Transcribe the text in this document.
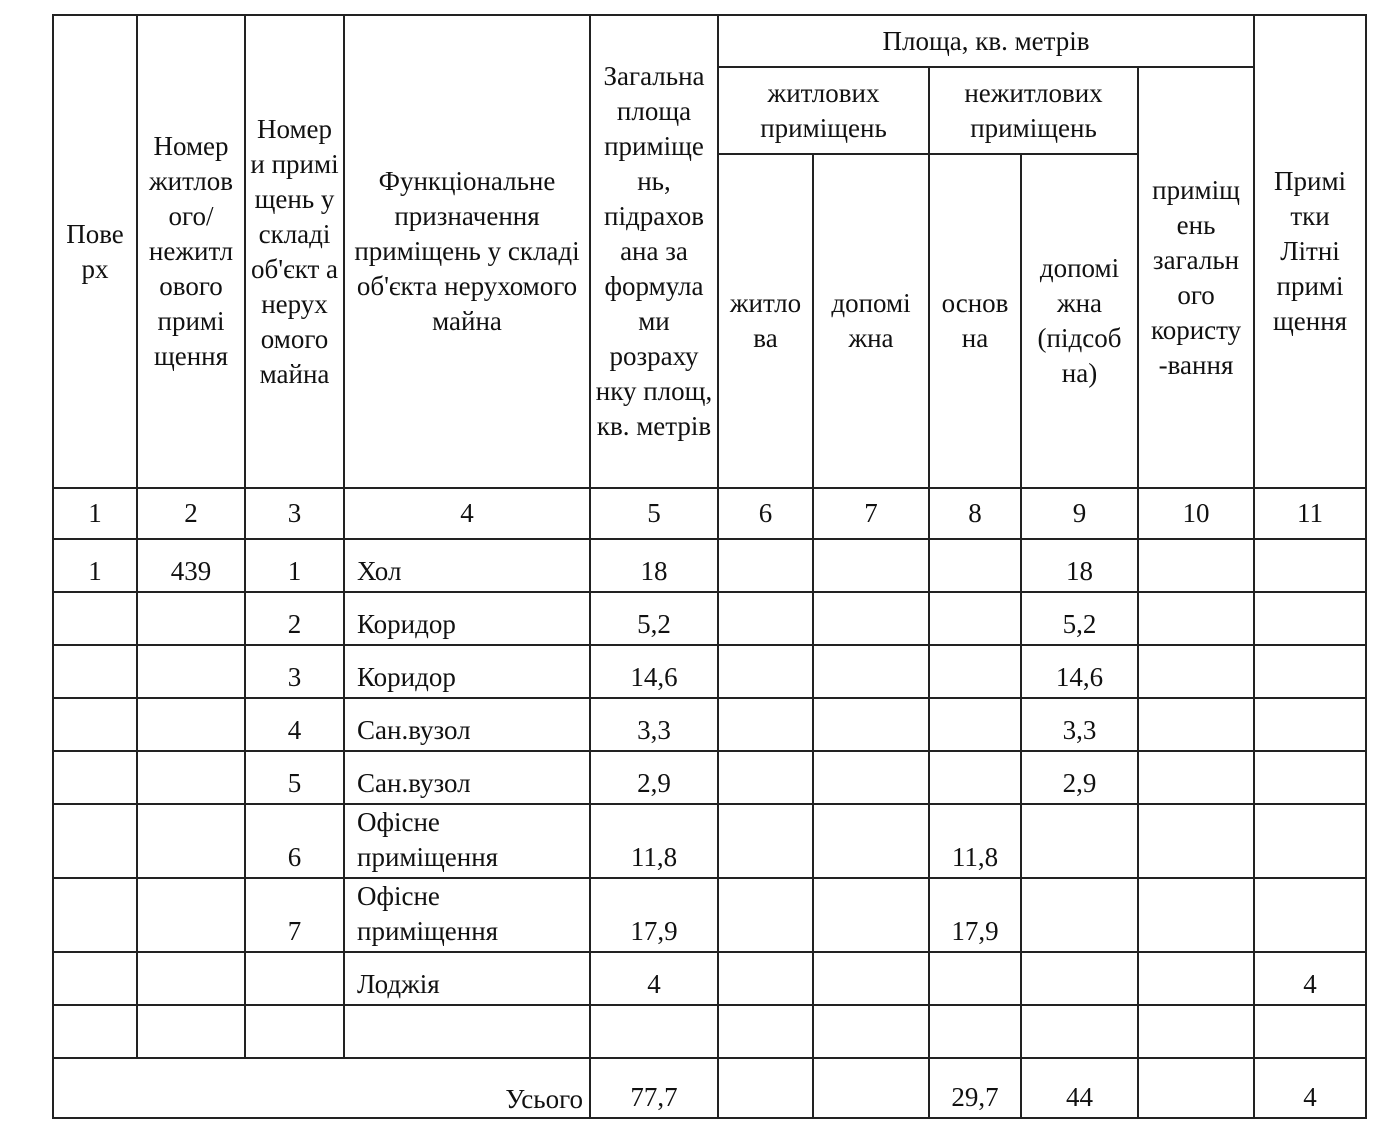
Пове рх	Номер житлов ого/ нежитл ового примі щення	Номер и примі щень у складі об'єкт а нерух омого майна	Функціональне призначення приміщень у складі об'єкта нерухомого майна	Загальна площа приміще нь, підрахов ана за формула ми розраху нку площ, кв. метрів	Площа, кв. метрів					Примі тки Літні примі щення
					житлових приміщень		нежитлових приміщень		приміщ ень загальн ого користу -вання	
					житло ва	допомі жна	основ на	допомі жна (підсоб на)		
1	2	3	4	5	6	7	8	9	10	11
1	439	1	Хол	18				18		
		2	Коридор	5,2				5,2		
		3	Коридор	14,6				14,6		
		4	Сан.вузол	3,3				3,3		
		5	Сан.вузол	2,9				2,9		
		6	Офісне приміщення	11,8			11,8			
		7	Офісне приміщення	17,9			17,9			
			Лоджія	4						4

Усього				77,7			29,7	44		4
